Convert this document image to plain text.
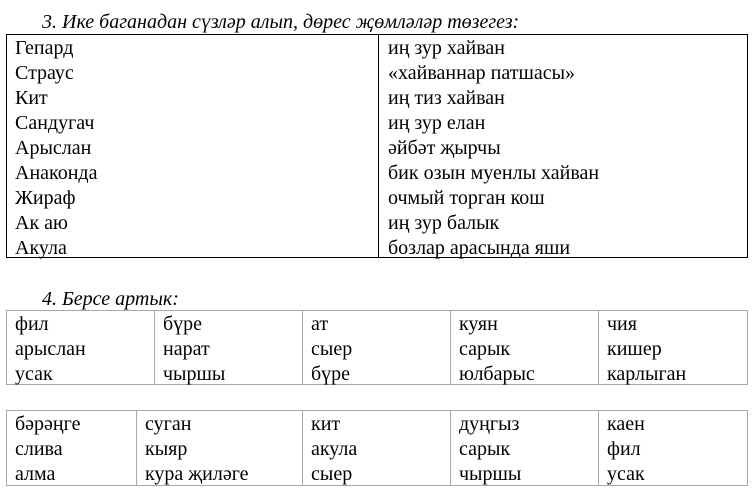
3. Ике баганадан сүзләр алып, дөрес җөмләләр төзегез:
Гепард
Страус
Кит
Сандугач
Арыслан
Анаконда
Жираф
Ак аю
Акула
иң зур хайван
«хайваннар патшасы»
иң тиз хайван
иң зур елан
әйбәт җырчы
бик озын муенлы хайван
очмый торган кош
иң зур балык
бозлар арасында яши
4. Берсе артык:
фил
арыслан
усак
бүре
нарат
чыршы
ат
сыер
бүре
куян
сарык
юлбарыс
чия
кишер
карлыган
бәрәңге
слива
алма
суган
кыяр
кура җиләге
кит
акула
сыер
дуңгыз
сарык
чыршы
каен
фил
усак
